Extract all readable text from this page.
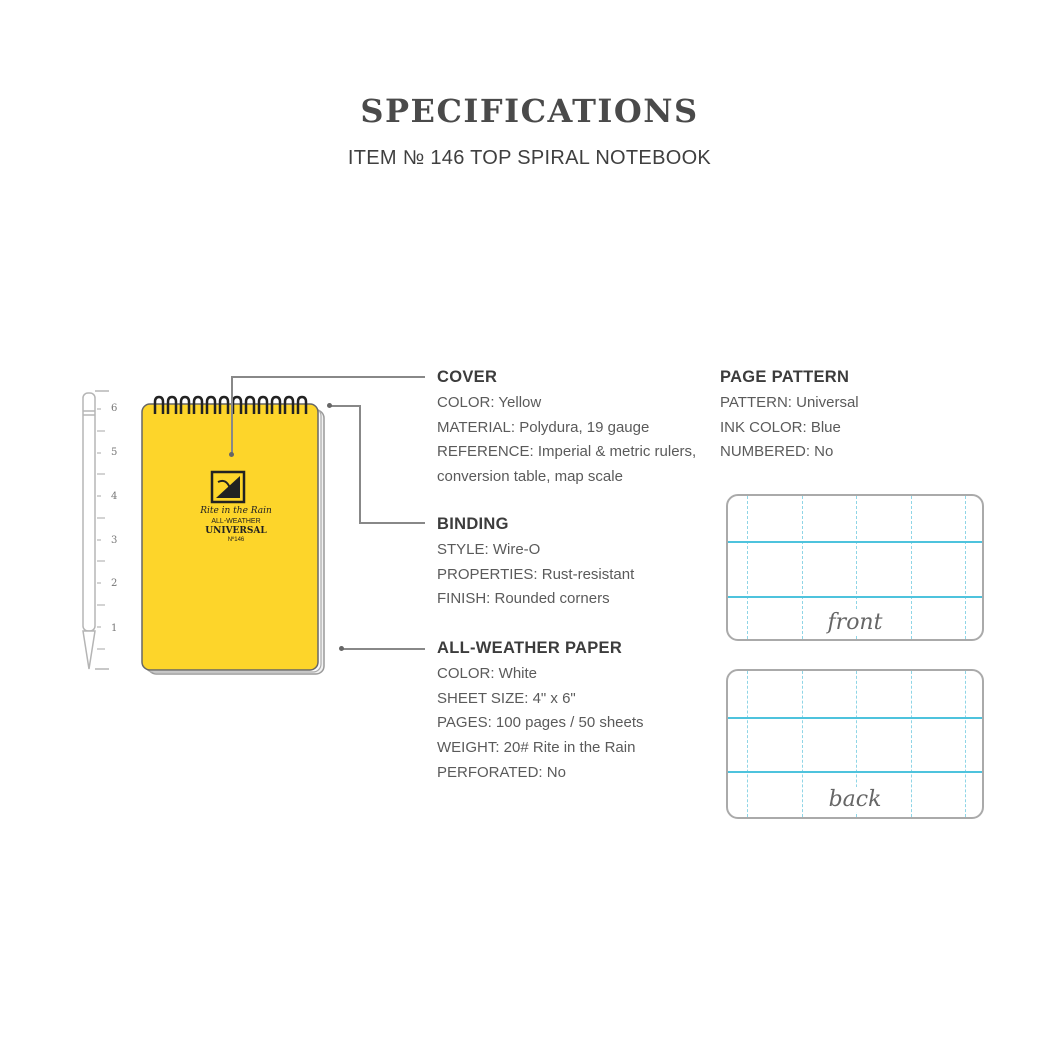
SPECIFICATIONS
ITEM № 146 TOP SPIRAL NOTEBOOK
6
5
4
3
2
1
Rite in the Rain
ALL-WEATHER
UNIVERSAL
Nº146
COVER
COLOR: Yellow
MATERIAL: Polydura, 19 gauge
REFERENCE: Imperial & metric rulers,
conversion table, map scale
BINDING
STYLE: Wire-O
PROPERTIES: Rust-resistant
FINISH: Rounded corners
ALL-WEATHER PAPER
COLOR: White
SHEET SIZE: 4" x 6"
PAGES: 100 pages / 50 sheets
WEIGHT: 20# Rite in the Rain
PERFORATED: No
PAGE PATTERN
PATTERN: Universal
INK COLOR: Blue
NUMBERED: No
front
back
